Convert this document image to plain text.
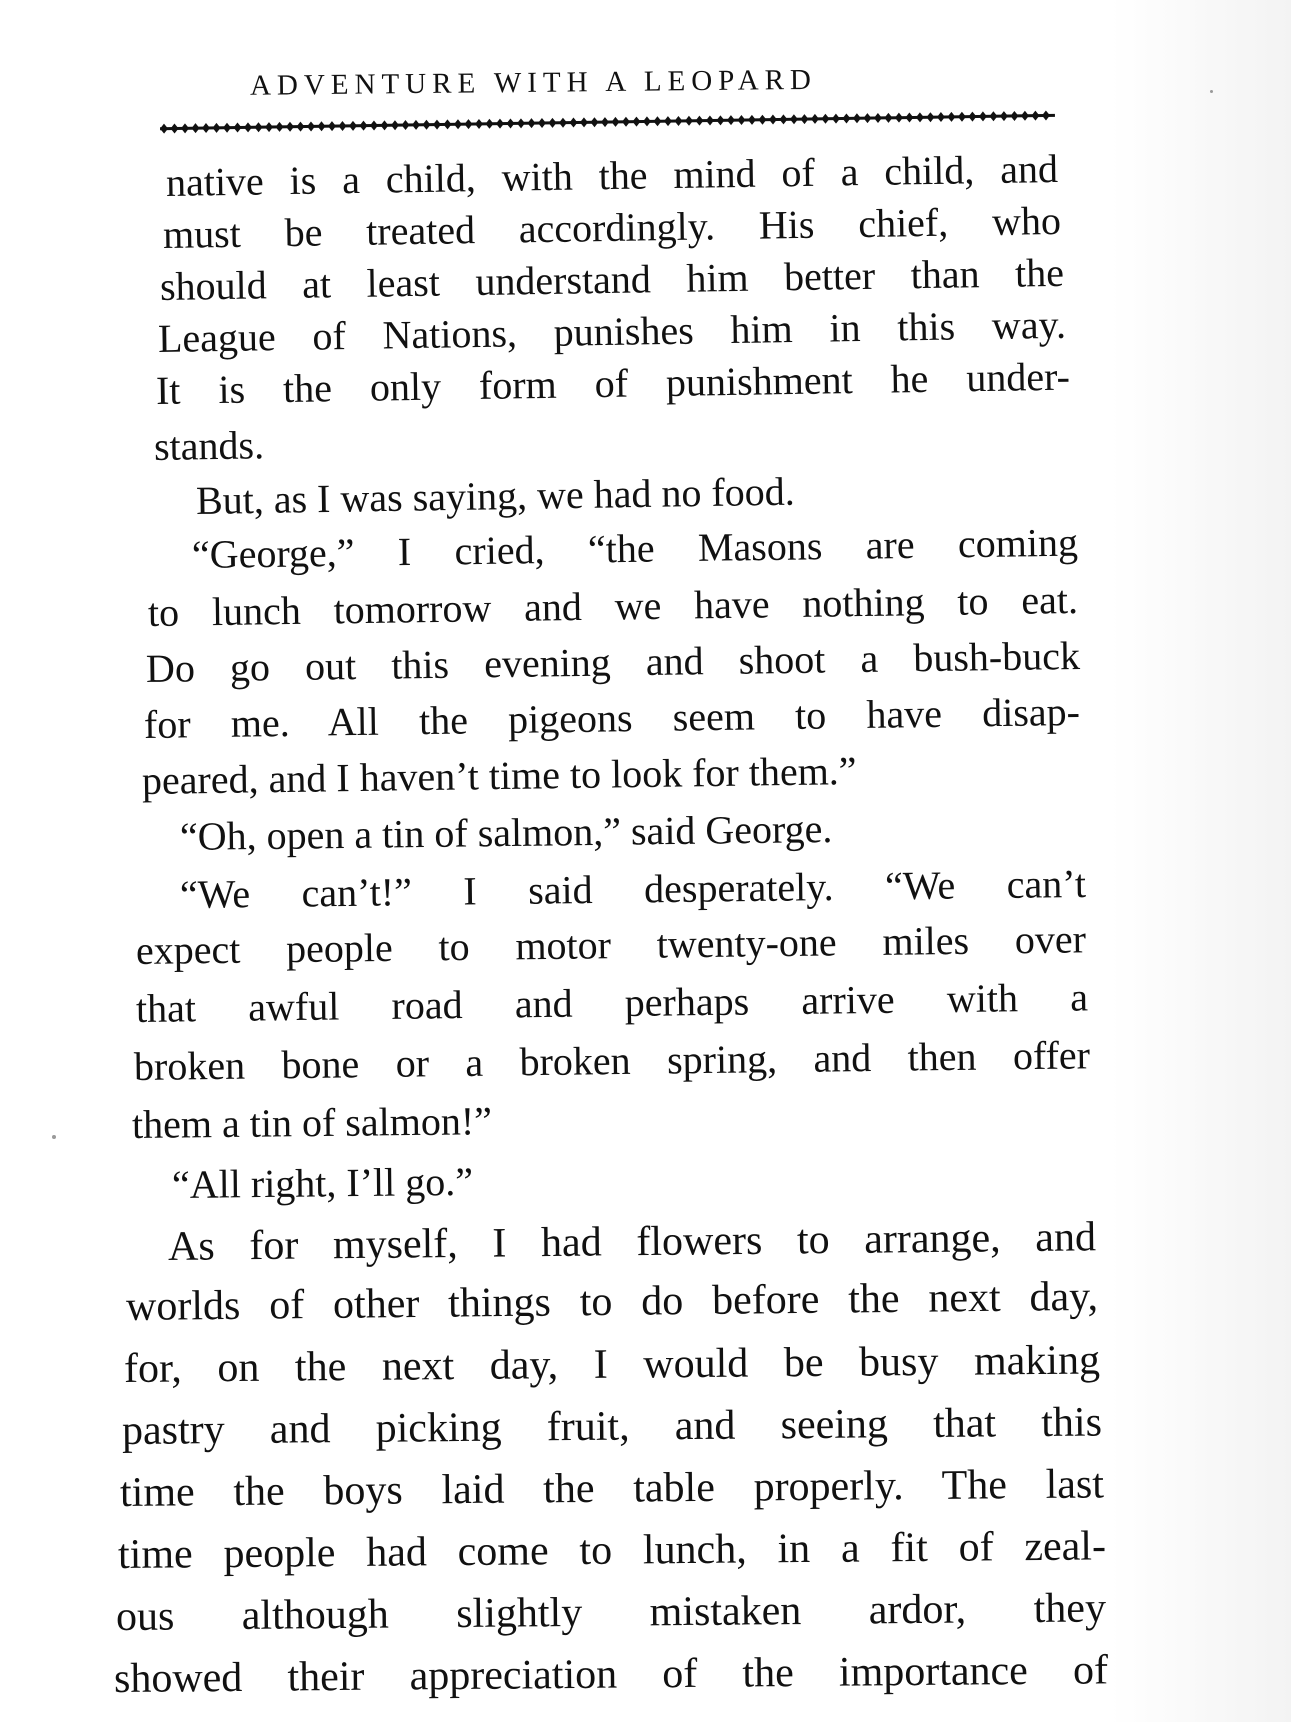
ADVENTURE WITH A LEOPARD
native is a child, with the mind of a child, and
must be treated accordingly. His chief, who
should at least understand him better than the
League of Nations, punishes him in this way.
It is the only form of punishment he under-
stands.
But, as I was saying, we had no food.
“George,” I cried, “the Masons are coming
to lunch tomorrow and we have nothing to eat.
Do go out this evening and shoot a bush-buck
for me. All the pigeons seem to have disap-
peared, and I haven’t time to look for them.”
“Oh, open a tin of salmon,” said George.
“We can’t!” I said desperately. “We can’t
expect people to motor twenty-one miles over
that awful road and perhaps arrive with a
broken bone or a broken spring, and then offer
them a tin of salmon!”
“All right, I’ll go.”
As for myself, I had flowers to arrange, and
worlds of other things to do before the next day,
for, on the next day, I would be busy making
pastry and picking fruit, and seeing that this
time the boys laid the table properly. The last
time people had come to lunch, in a fit of zeal-
ous although slightly mistaken ardor, they
showed their appreciation of the importance of
